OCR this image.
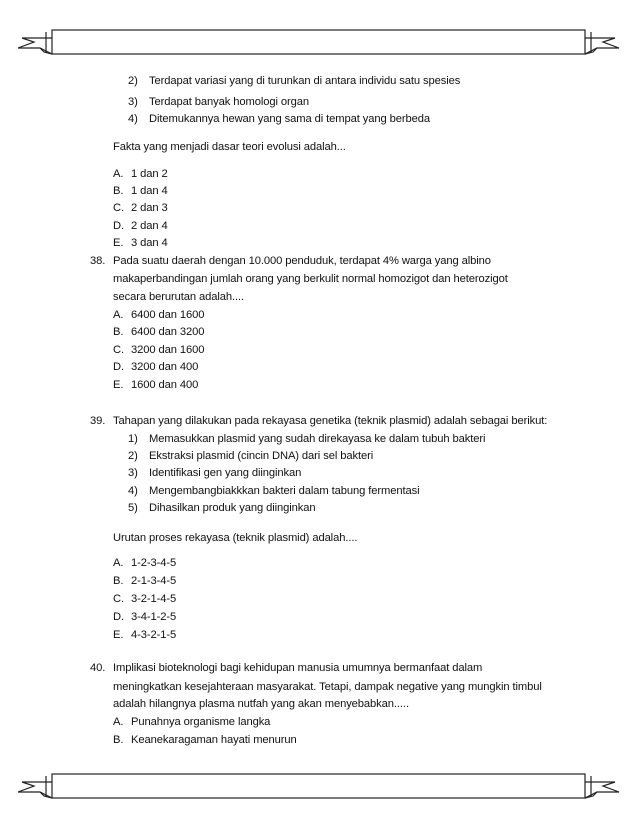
2) Terdapat variasi yang di turunkan di antara individu satu spesies
3) Terdapat banyak homologi organ
4) Ditemukannya hewan yang sama di tempat yang berbeda
Fakta yang menjadi dasar teori evolusi adalah...
A. 1 dan 2
B. 1 dan 4
C. 2 dan 3
D. 2 dan 4
E. 3 dan 4
38. Pada suatu daerah dengan 10.000 penduduk, terdapat 4% warga yang albino
makaperbandingan jumlah orang yang berkulit normal homozigot dan heterozigot
secara berurutan adalah....
A. 6400 dan 1600
B. 6400 dan 3200
C. 3200 dan 1600
D. 3200 dan 400
E. 1600 dan 400
39. Tahapan yang dilakukan pada rekayasa genetika (teknik plasmid) adalah sebagai berikut:
1) Memasukkan plasmid yang sudah direkayasa ke dalam tubuh bakteri
2) Ekstraksi plasmid (cincin DNA) dari sel bakteri
3) Identifikasi gen yang diinginkan
4) Mengembangbiakkkan bakteri dalam tabung fermentasi
5) Dihasilkan produk yang diinginkan
Urutan proses rekayasa (teknik plasmid) adalah....
A. 1-2-3-4-5
B. 2-1-3-4-5
C. 3-2-1-4-5
D. 3-4-1-2-5
E. 4-3-2-1-5
40. Implikasi bioteknologi bagi kehidupan manusia umumnya bermanfaat dalam
meningkatkan kesejahteraan masyarakat. Tetapi, dampak negative yang mungkin timbul
adalah hilangnya plasma nutfah yang akan menyebabkan.....
A. Punahnya organisme langka
B. Keanekaragaman hayati menurun
